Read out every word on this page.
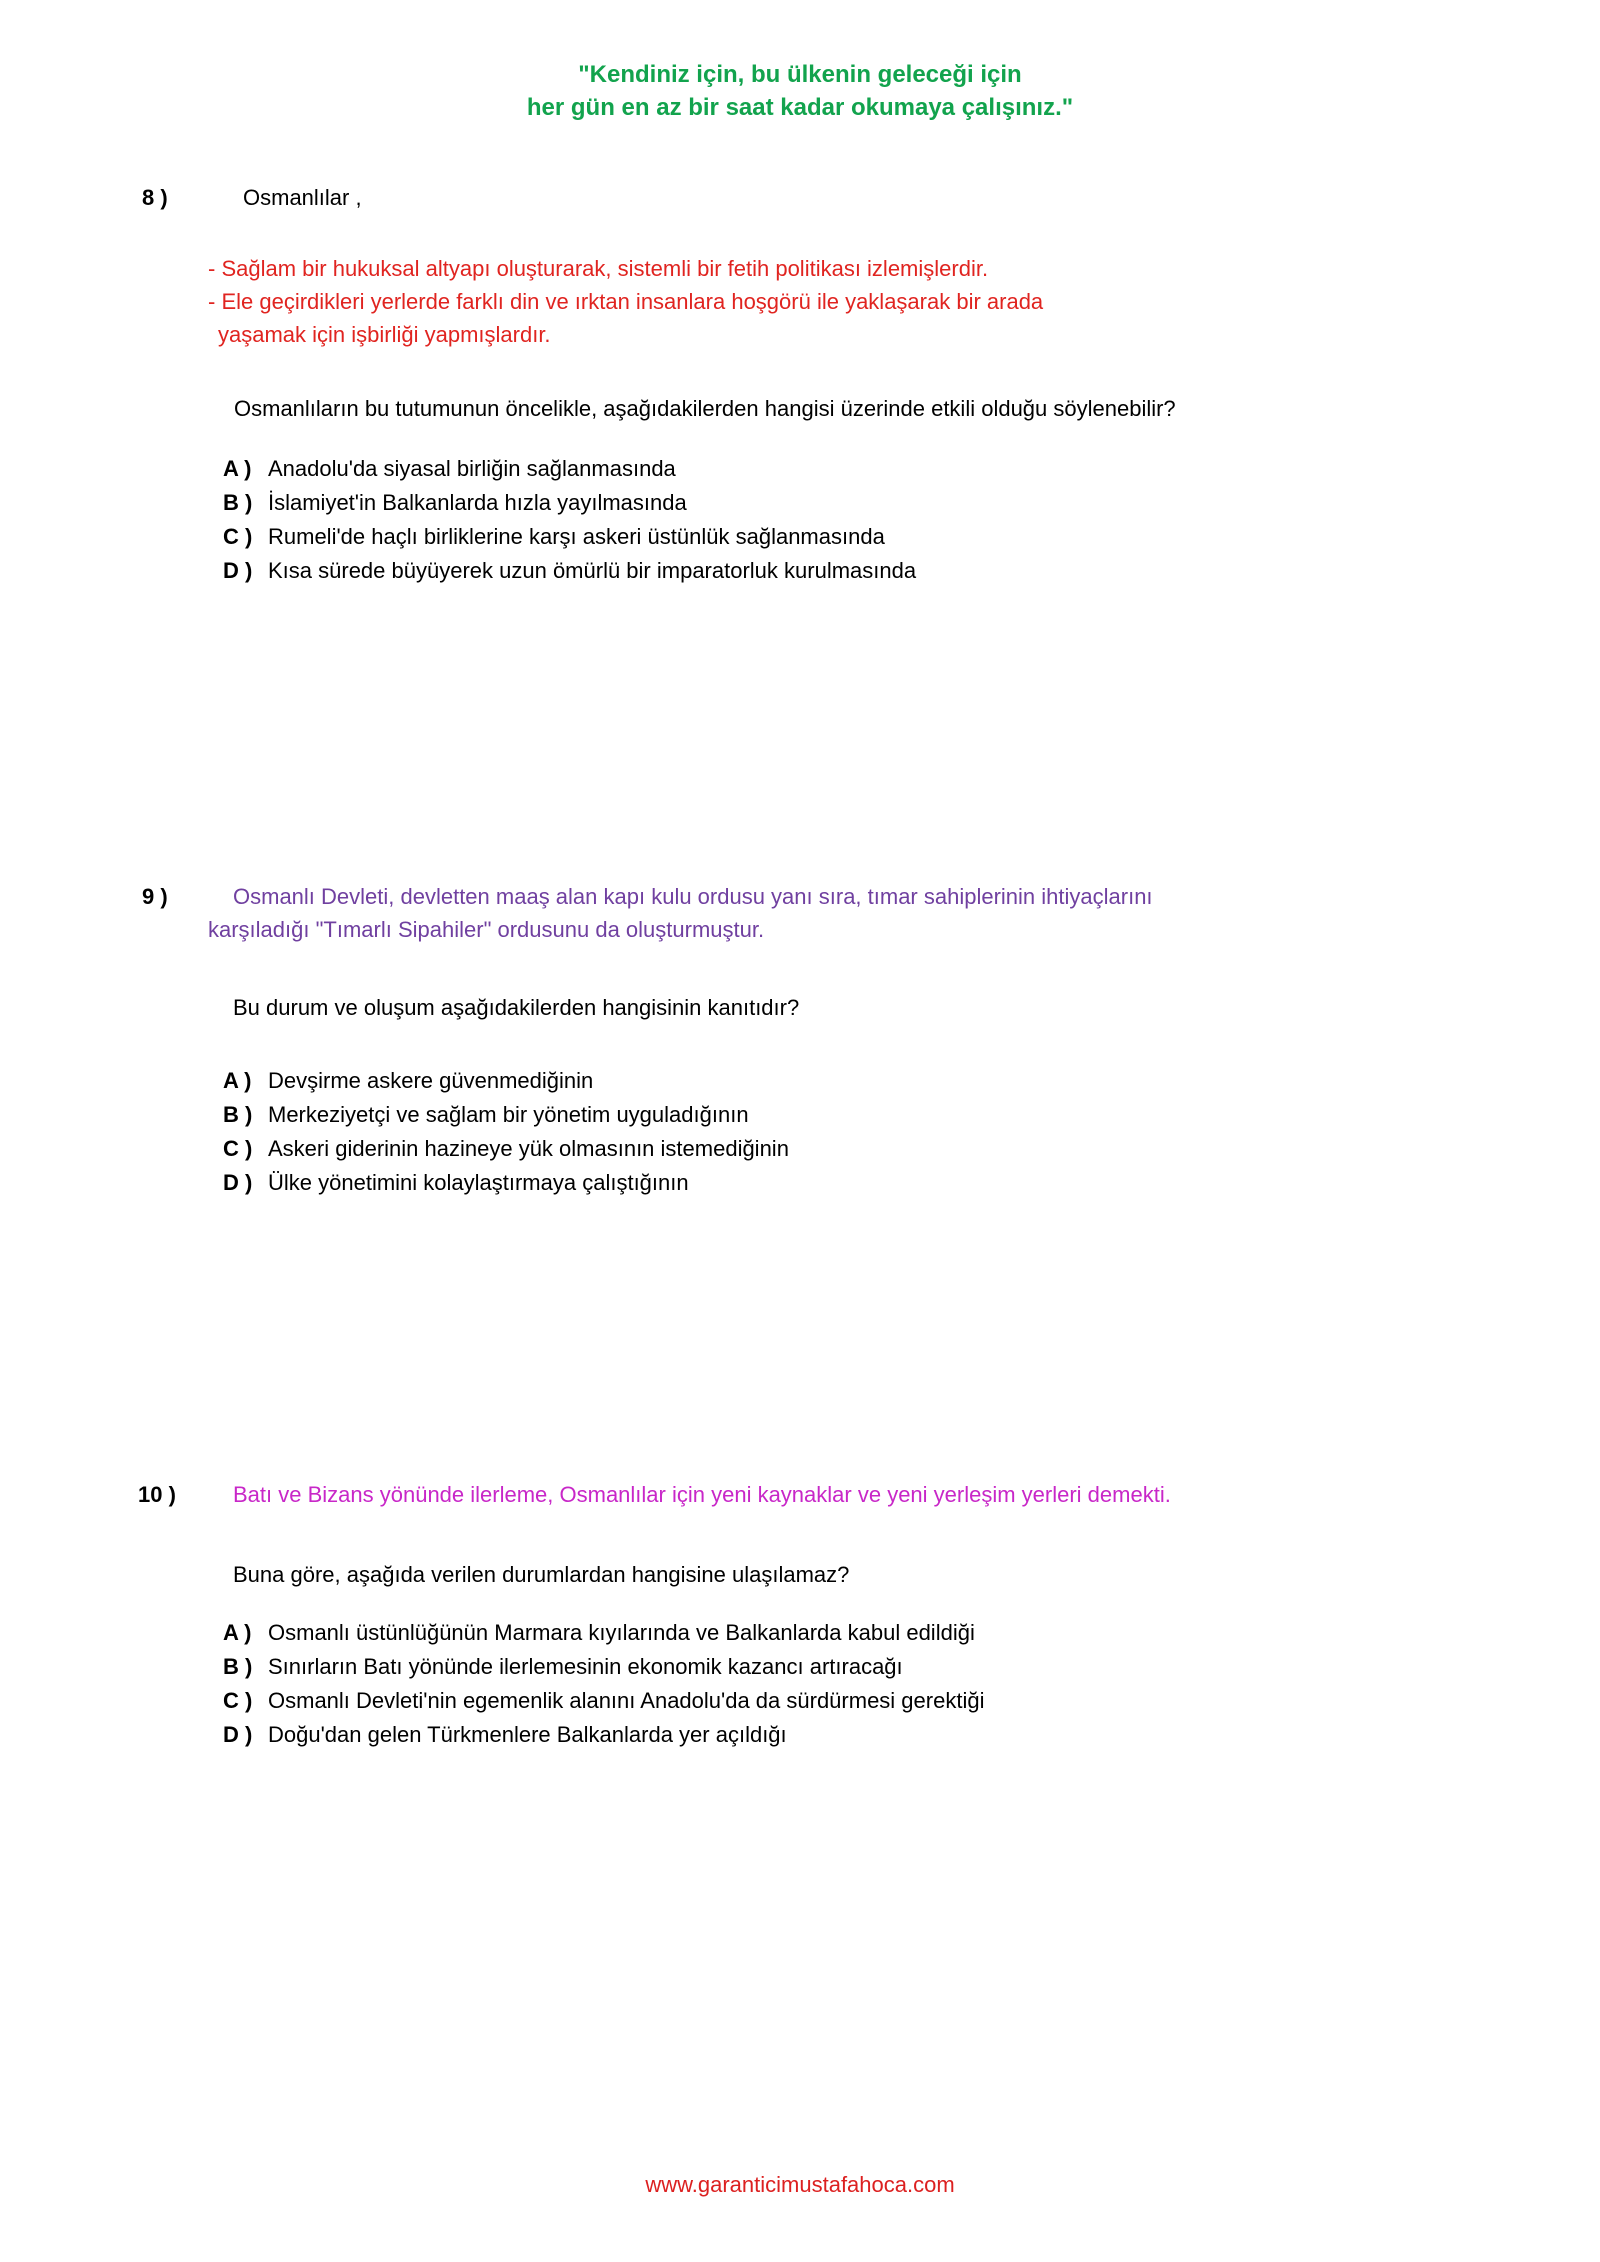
"Kendiniz için, bu ülkenin geleceği için
her gün en az bir saat kadar okumaya çalışınız."
8 )	Osmanlılar ,
- Sağlam bir hukuksal altyapı oluşturarak, sistemli bir fetih politikası izlemişlerdir.
- Ele geçirdikleri yerlerde farklı din ve ırktan insanlara hoşgörü ile yaklaşarak bir arada
yaşamak için işbirliği yapmışlardır.
Osmanlıların bu tutumunun öncelikle, aşağıdakilerden hangisi üzerinde etkili olduğu söylenebilir?
A ) Anadolu'da siyasal birliğin sağlanmasında
B ) İslamiyet'in Balkanlarda hızla yayılmasında
C ) Rumeli'de haçlı birliklerine karşı askeri üstünlük sağlanmasında
D ) Kısa sürede büyüyerek uzun ömürlü bir imparatorluk kurulmasında
9 )	Osmanlı Devleti, devletten maaş alan kapı kulu ordusu yanı sıra, tımar sahiplerinin ihtiyaçlarını
karşıladığı "Tımarlı Sipahiler" ordusunu da oluşturmuştur.
Bu durum ve oluşum aşağıdakilerden hangisinin kanıtıdır?
A ) Devşirme askere güvenmediğinin
B ) Merkeziyetçi ve sağlam bir yönetim uyguladığının
C ) Askeri giderinin hazineye yük olmasının istemediğinin
D ) Ülke yönetimini kolaylaştırmaya çalıştığının
10 )	Batı ve Bizans yönünde ilerleme, Osmanlılar için yeni kaynaklar ve yeni yerleşim yerleri demekti.
Buna göre, aşağıda verilen durumlardan hangisine ulaşılamaz?
A ) Osmanlı üstünlüğünün Marmara kıyılarında ve Balkanlarda kabul edildiği
B ) Sınırların Batı yönünde ilerlemesinin ekonomik kazancı artıracağı
C ) Osmanlı Devleti'nin egemenlik alanını Anadolu'da da sürdürmesi gerektiği
D ) Doğu'dan gelen Türkmenlere Balkanlarda yer açıldığı
www.garanticimustafahoca.com
